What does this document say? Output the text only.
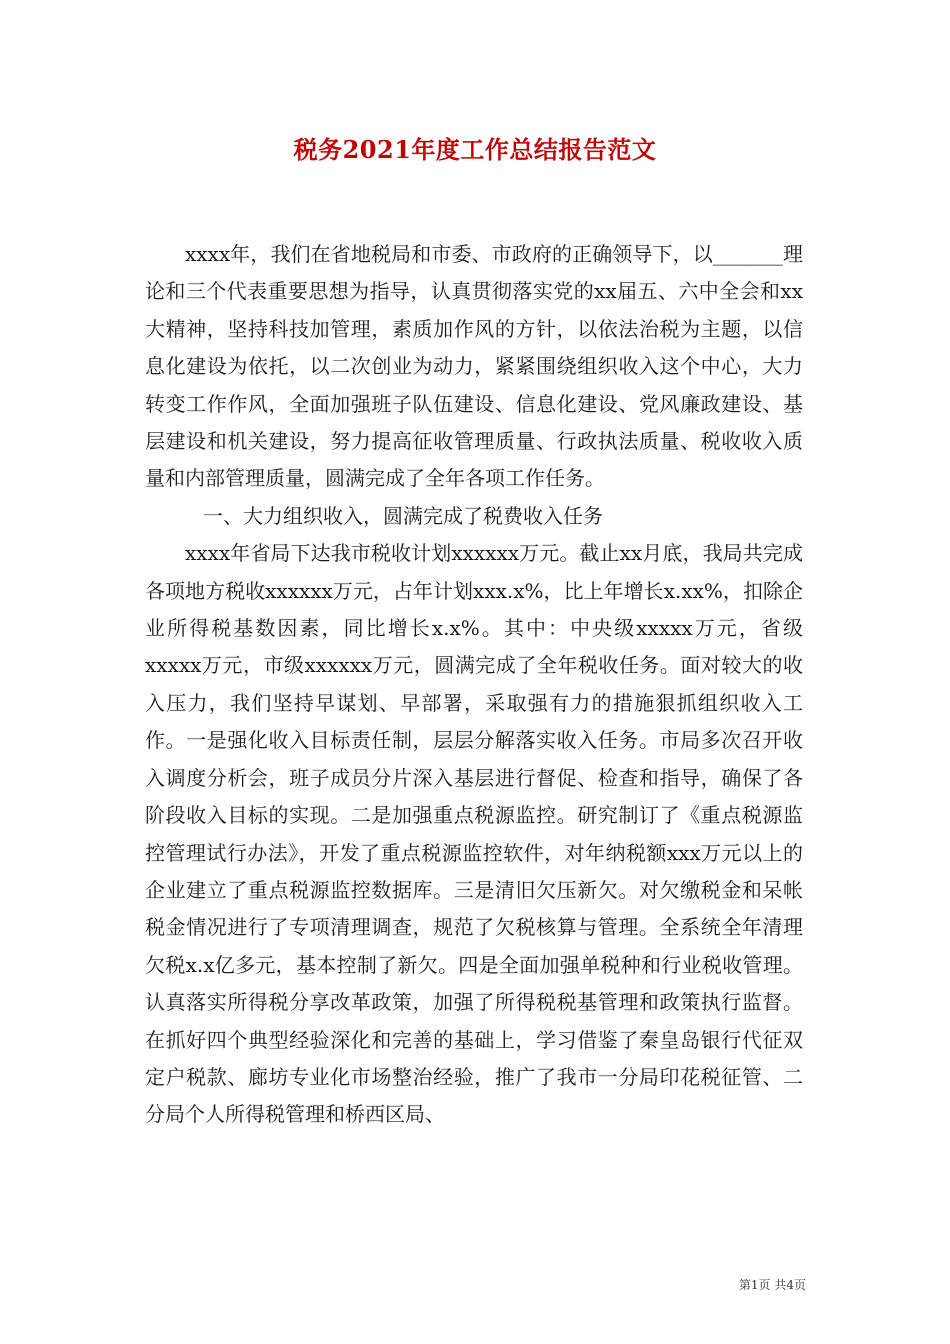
税务2021年度工作总结报告范文

xxxx年，我们在省地税局和市委、市政府的正确领导下，以_______理论和三个代表重要思想为指导，认真贯彻落实党的xx届五、六中全会和xx大精神，坚持科技加管理，素质加作风的方针，以依法治税为主题，以信息化建设为依托，以二次创业为动力，紧紧围绕组织收入这个中心，大力转变工作作风，全面加强班子队伍建设、信息化建设、党风廉政建设、基层建设和机关建设，努力提高征收管理质量、行政执法质量、税收收入质量和内部管理质量，圆满完成了全年各项工作任务。

一、大力组织收入，圆满完成了税费收入任务

xxxx年省局下达我市税收计划xxxxxx万元。截止xx月底，我局共完成各项地方税收xxxxxx万元，占年计划xxx.x%，比上年增长x.xx%，扣除企业所得税基数因素，同比增长x.x%。其中：中央级xxxxx万元，省级xxxxx万元，市级xxxxxx万元，圆满完成了全年税收任务。面对较大的收入压力，我们坚持早谋划、早部署，采取强有力的措施狠抓组织收入工作。一是强化收入目标责任制，层层分解落实收入任务。市局多次召开收入调度分析会，班子成员分片深入基层进行督促、检查和指导，确保了各阶段收入目标的实现。二是加强重点税源监控。研究制订了《重点税源监控管理试行办法》，开发了重点税源监控软件，对年纳税额xxx万元以上的企业建立了重点税源监控数据库。三是清旧欠压新欠。对欠缴税金和呆帐税金情况进行了专项清理调查，规范了欠税核算与管理。全系统全年清理欠税x.x亿多元，基本控制了新欠。四是全面加强单税种和行业税收管理。认真落实所得税分享改革政策，加强了所得税税基管理和政策执行监督。在抓好四个典型经验深化和完善的基础上，学习借鉴了秦皇岛银行代征双定户税款、廊坊专业化市场整治经验，推广了我市一分局印花税征管、二分局个人所得税管理和桥西区局、

第1页 共4页
